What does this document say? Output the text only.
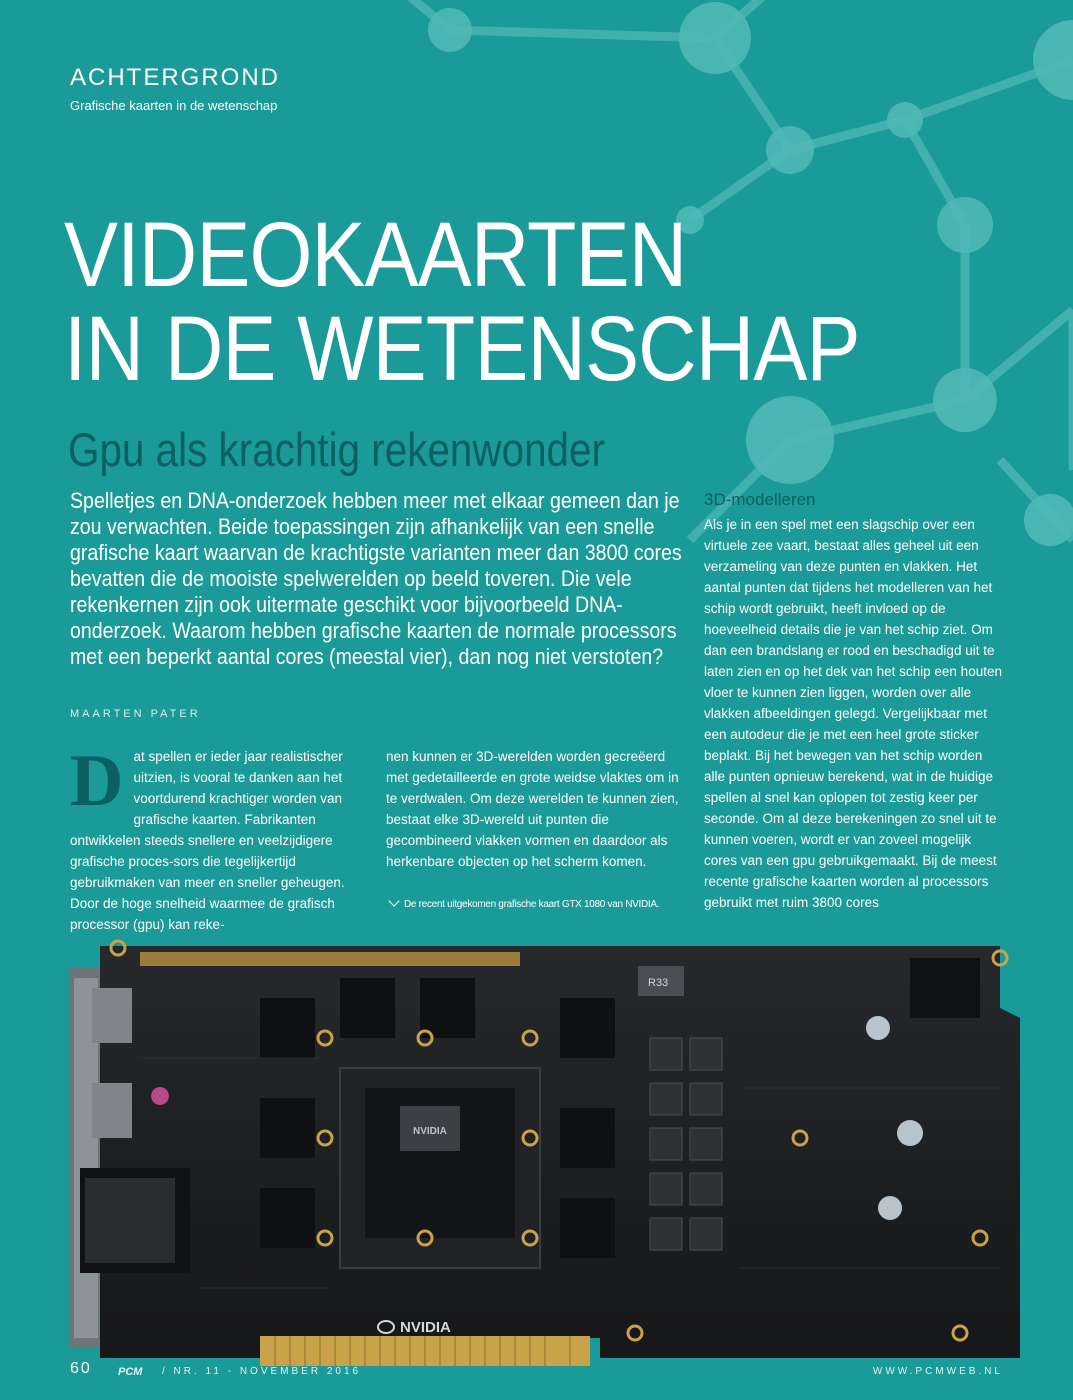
ACHTERGROND
Grafische kaarten in de wetenschap
VIDEOKAARTEN
IN DE WETENSCHAP
Gpu als krachtig rekenwonder
Spelletjes en DNA-onderzoek hebben meer met elkaar gemeen dan je zou verwachten. Beide toepassingen zijn afhankelijk van een snelle grafische kaart waarvan de krachtigste varianten meer dan 3800 cores bevatten die de mooiste spelwerelden op beeld toveren. Die vele rekenkernen zijn ook uitermate geschikt voor bijvoorbeeld DNA-onderzoek. Waarom hebben grafische kaarten de normale processors met een beperkt aantal cores (meestal vier), dan nog niet verstoten?
MAARTEN PATER
D at spellen er ieder jaar realistischer uitzien, is vooral te danken aan het voortdurend krachtiger worden van grafische kaarten. Fabrikanten ontwikkelen steeds snellere en veelzijdigere grafische proces-sors die tegelijkertijd gebruikmaken van meer en sneller geheugen. Door de hoge snelheid waarmee de grafisch processor (gpu) kan reke-
nen kunnen er 3D-werelden worden gecreëerd met gedetailleerde en grote weidse vlaktes om in te verdwalen. Om deze werelden te kunnen zien, bestaat elke 3D-wereld uit punten die gecombineerd vlakken vormen en daardoor als herkenbare objecten op het scherm komen.
3D-modelleren
Als je in een spel met een slagschip over een virtuele zee vaart, bestaat alles geheel uit een verzameling van deze punten en vlakken. Het aantal punten dat tijdens het modelleren van het schip wordt gebruikt, heeft invloed op de hoeveelheid details die je van het schip ziet. Om dan een brandslang er rood en beschadigd uit te laten zien en op het dek van het schip een houten vloer te kunnen zien liggen, worden over alle vlakken afbeeldingen gelegd. Vergelijkbaar met een autodeur die je met een heel grote sticker beplakt. Bij het bewegen van het schip worden alle punten opnieuw berekend, wat in de huidige spellen al snel kan oplopen tot zestig keer per seconde. Om al deze berekeningen zo snel uit te kunnen voeren, wordt er van zoveel mogelijk cores van een gpu gebruikgemaakt. Bij de meest recente grafische kaarten worden al processors gebruikt met ruim 3800 cores
De recent uitgekomen grafische kaart GTX 1080 van NVIDIA.
NVIDIA
R33
NVIDIA
60 PCM / NR. 11 - NOVEMBER 2016	WWW.PCMWEB.NL
